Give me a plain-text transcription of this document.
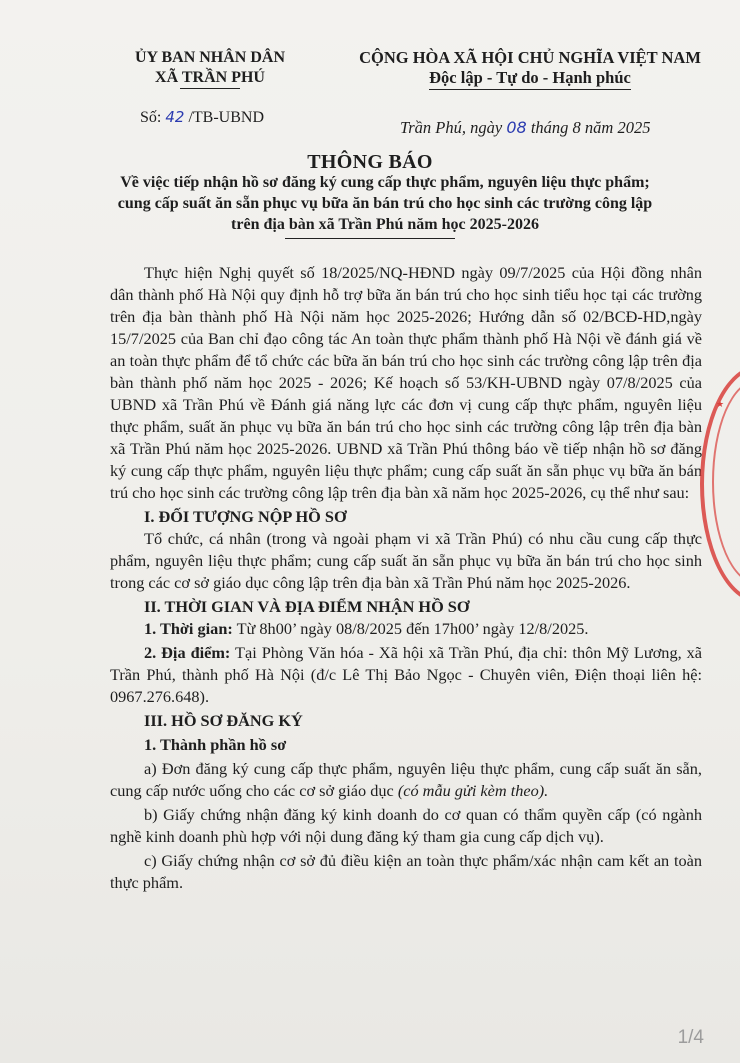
ỦY BAN NHÂN DÂN
XÃ TRẦN PHÚ
CỘNG HÒA XÃ HỘI CHỦ NGHĨA VIỆT NAM
Độc lập - Tự do - Hạnh phúc
Số: 42 /TB-UBND
Trần Phú, ngày 08 tháng 8 năm 2025
THÔNG BÁO
Về việc tiếp nhận hồ sơ đăng ký cung cấp thực phẩm, nguyên liệu thực phẩm;
cung cấp suất ăn sẵn phục vụ bữa ăn bán trú cho học sinh các trường công lập
trên địa bàn xã Trần Phú năm học 2025-2026

Thực hiện Nghị quyết số 18/2025/NQ-HĐND ngày 09/7/2025 của Hội đồng nhân dân thành phố Hà Nội quy định hỗ trợ bữa ăn bán trú cho học sinh tiểu học tại các trường trên địa bàn thành phố Hà Nội năm học 2025-2026; Hướng dẫn số 02/BCĐ-HD,ngày 15/7/2025 của Ban chỉ đạo công tác An toàn thực phẩm thành phố Hà Nội về đánh giá về an toàn thực phẩm để tổ chức các bữa ăn bán trú cho học sinh các trường công lập trên địa bàn thành phố năm học 2025 - 2026; Kế hoạch số 53/KH-UBND ngày 07/8/2025 của UBND xã Trần Phú về Đánh giá năng lực các đơn vị cung cấp thực phẩm, nguyên liệu thực phẩm, suất ăn phục vụ bữa ăn bán trú cho học sinh các trường công lập trên địa bàn xã Trần Phú năm học 2025-2026. UBND xã Trần Phú thông báo về tiếp nhận hồ sơ đăng ký cung cấp thực phẩm, nguyên liệu thực phẩm; cung cấp suất ăn sẵn phục vụ bữa ăn bán trú cho học sinh các trường công lập trên địa bàn xã năm học 2025-2026, cụ thể như sau:

I. ĐỐI TƯỢNG NỘP HỒ SƠ

Tổ chức, cá nhân (trong và ngoài phạm vi xã Trần Phú) có nhu cầu cung cấp thực phẩm, nguyên liệu thực phẩm; cung cấp suất ăn sẵn phục vụ bữa ăn bán trú cho học sinh trong các cơ sở giáo dục công lập trên địa bàn xã Trần Phú năm học 2025-2026.

II. THỜI GIAN VÀ ĐỊA ĐIỂM NHẬN HỒ SƠ

1. Thời gian: Từ 8h00’ ngày 08/8/2025 đến 17h00’ ngày 12/8/2025.

2. Địa điểm: Tại Phòng Văn hóa - Xã hội xã Trần Phú, địa chỉ: thôn Mỹ Lương, xã Trần Phú, thành phố Hà Nội (đ/c Lê Thị Bảo Ngọc - Chuyên viên, Điện thoại liên hệ: 0967.276.648).

III. HỒ SƠ ĐĂNG KÝ

1. Thành phần hồ sơ

a) Đơn đăng ký cung cấp thực phẩm, nguyên liệu thực phẩm, cung cấp suất ăn sẵn, cung cấp nước uống cho các cơ sở giáo dục (có mẫu gửi kèm theo).

b) Giấy chứng nhận đăng ký kinh doanh do cơ quan có thẩm quyền cấp (có ngành nghề kinh doanh phù hợp với nội dung đăng ký tham gia cung cấp dịch vụ).

c) Giấy chứng nhận cơ sở đủ điều kiện an toàn thực phẩm/xác nhận cam kết an toàn thực phẩm.

★
1/4
